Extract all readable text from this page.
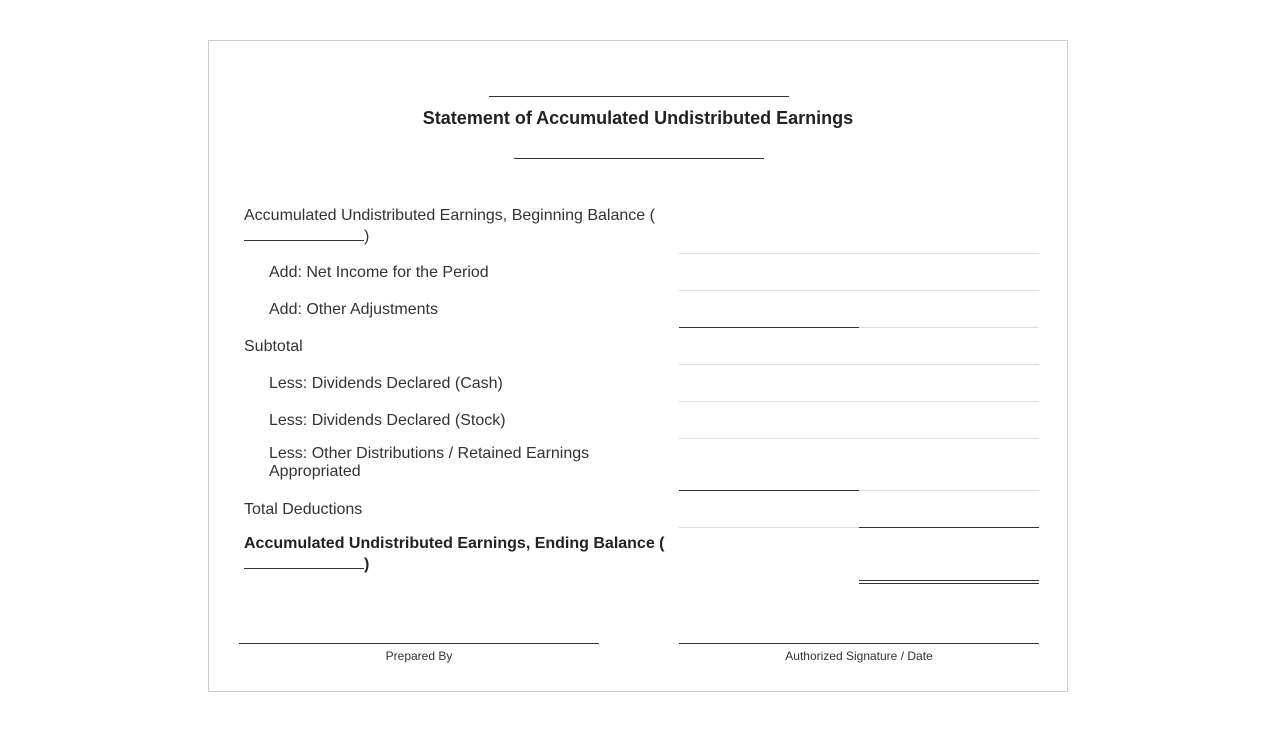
Statement of Accumulated Undistributed Earnings
Accumulated Undistributed Earnings, Beginning Balance (
)
Add: Net Income for the Period
Add: Other Adjustments
Subtotal
Less: Dividends Declared (Cash)
Less: Dividends Declared (Stock)
Less: Other Distributions / Retained Earnings Appropriated
Total Deductions
Accumulated Undistributed Earnings, Ending Balance (
)
Prepared By	Authorized Signature / Date
